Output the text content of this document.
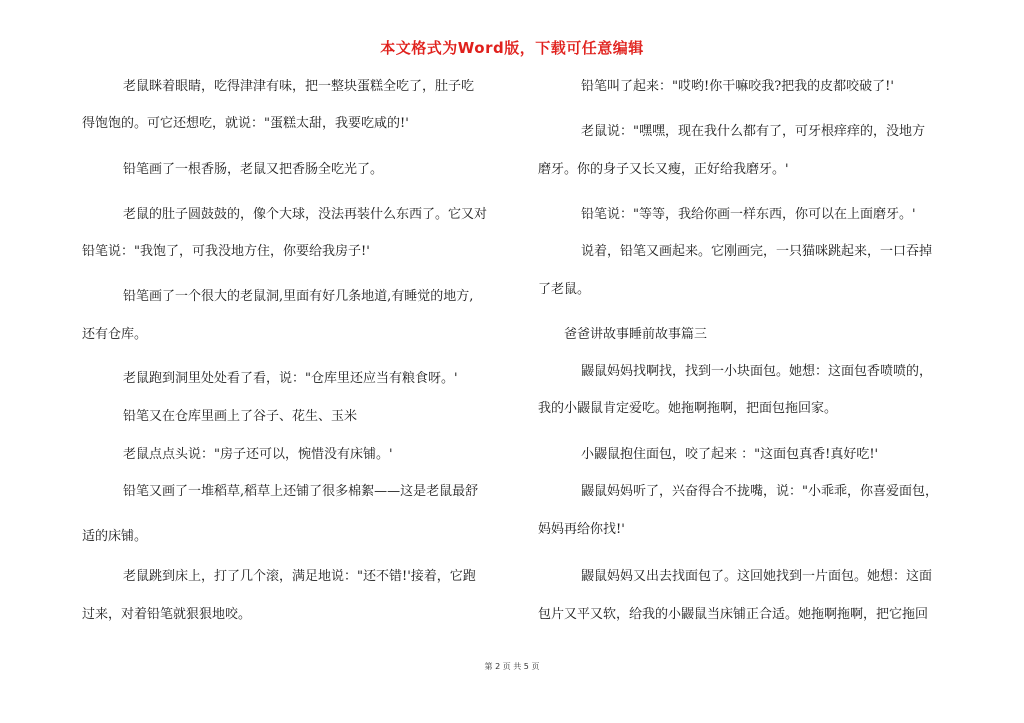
本文格式为Word版，下载可任意编辑
老鼠眯着眼睛，吃得津津有味，把一整块蛋糕全吃了，肚子吃
得饱饱的。可它还想吃，就说："蛋糕太甜，我要吃咸的!'
铅笔画了一根香肠，老鼠又把香肠全吃光了。
老鼠的肚子圆鼓鼓的，像个大球，没法再装什么东西了。它又对
铅笔说："我饱了，可我没地方住，你要给我房子!'
铅笔画了一个很大的老鼠洞,里面有好几条地道,有睡觉的地方,
还有仓库。
老鼠跑到洞里处处看了看，说："仓库里还应当有粮食呀。'
铅笔又在仓库里画上了谷子、花生、玉米
老鼠点点头说："房子还可以，惋惜没有床铺。'
铅笔又画了一堆稻草,稻草上还铺了很多棉絮——这是老鼠最舒
适的床铺。
老鼠跳到床上，打了几个滚，满足地说："还不错!'接着，它跑
过来，对着铅笔就狠狠地咬。
铅笔叫了起来："哎哟!你干嘛咬我?把我的皮都咬破了!'
老鼠说："嘿嘿，现在我什么都有了，可牙根痒痒的，没地方
磨牙。你的身子又长又瘦，正好给我磨牙。'
铅笔说："等等，我给你画一样东西，你可以在上面磨牙。'
说着，铅笔又画起来。它刚画完，一只猫咪跳起来，一口吞掉
了老鼠。
爸爸讲故事睡前故事篇三
鼹鼠妈妈找啊找，找到一小块面包。她想：这面包香喷喷的，
我的小鼹鼠肯定爱吃。她拖啊拖啊，把面包拖回家。
小鼹鼠抱住面包，咬了起来 ："这面包真香!真好吃!'
鼹鼠妈妈听了，兴奋得合不拢嘴，说："小乖乖，你喜爱面包，
妈妈再给你找!'
鼹鼠妈妈又出去找面包了。这回她找到一片面包。她想：这面
包片又平又软，给我的小鼹鼠当床铺正合适。她拖啊拖啊，把它拖回
第 2 页 共 5 页
